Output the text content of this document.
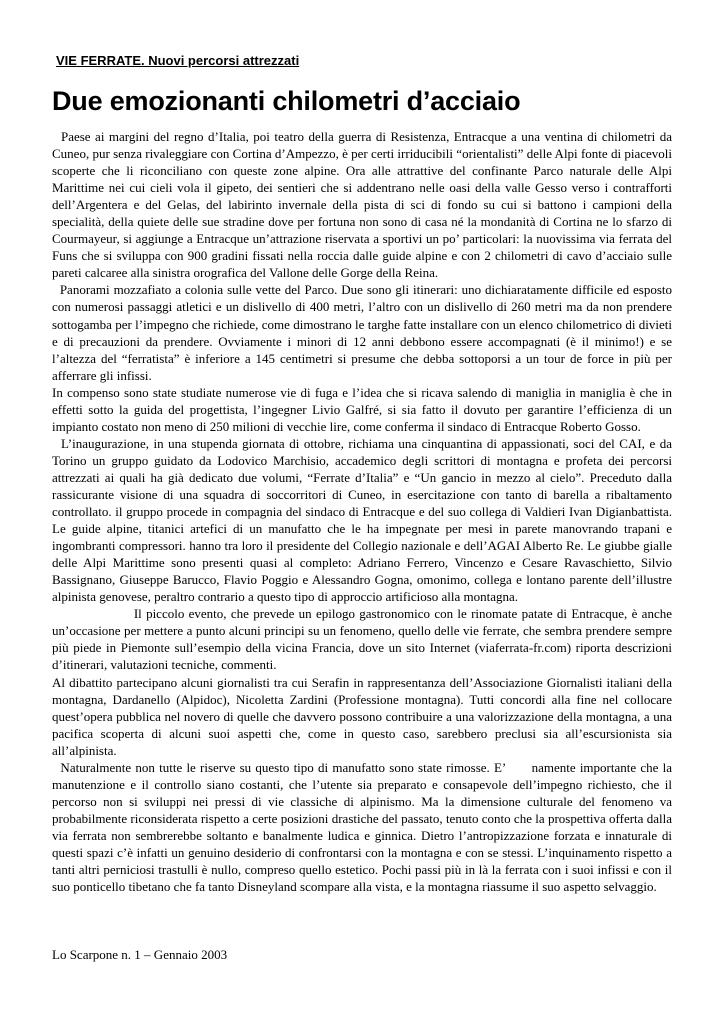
VIE FERRATE. Nuovi percorsi attrezzati
Due emozionanti chilometri d’acciaio

Paese ai margini del regno d’Italia, poi teatro della guerra di Resistenza, Entracque a una ventina di chilometri da Cuneo, pur senza rivaleggiare con Cortina d’Ampezzo, è per certi irriducibili “orientalisti” delle Alpi fonte di piacevoli scoperte che li riconciliano con queste zone alpine. Ora alle attrattive del confinante Parco naturale delle Alpi Marittime nei cui cieli vola il gipeto, dei sentieri che si addentrano nelle oasi della valle Gesso verso i contrafforti dell’Argentera e del Gelas, del labirinto invernale della pista di sci di fondo su cui si battono i campioni della specialità, della quiete delle sue stradine dove per fortuna non sono di casa né la mondanità di Cortina ne lo sfarzo di Courmayeur, si aggiunge a Entracque un’attrazione riservata a sportivi un po’ particolari: la nuovissima via ferrata del Funs che si sviluppa con 900 gradini fissati nella roccia dalle guide alpine e con 2 chilometri di cavo d’acciaio sulle pareti calcaree alla sinistra orografica del Vallone delle Gorge della Reina.

Panorami mozzafiato a colonia sulle vette del Parco. Due sono gli itinerari: uno dichiaratamente difficile ed esposto con numerosi passaggi atletici e un dislivello di 400 metri, l’altro con un dislivello di 260 metri ma da non prendere sottogamba per l’impegno che richiede, come dimostrano le targhe fatte installare con un elenco chilometrico di divieti e di precauzioni da prendere. Ovviamente i minori di 12 anni debbono essere accompagnati (è il minimo!) e se l’altezza del “ferratista” è inferiore a 145 centimetri si presume che debba sottoporsi a un tour de force in più per afferrare gli infissi.

In compenso sono state studiate numerose vie di fuga e l’idea che si ricava salendo di maniglia in maniglia è che in effetti sotto la guida del progettista, l’ingegner Livio Galfré, si sia fatto il dovuto per garantire l’efficienza di un impianto costato non meno di 250 milioni di vecchie lire, come conferma il sindaco di Entracque Roberto Gosso.

L’inaugurazione, in una stupenda giornata di ottobre, richiama una cinquantina di appassionati, soci del CAI, e da Torino un gruppo guidato da Lodovico Marchisio, accademico degli scrittori di montagna e profeta dei percorsi attrezzati ai quali ha già dedicato due volumi, “Ferrate d’Italia” e “Un gancio in mezzo al cielo”. Preceduto dalla rassicurante visione di una squadra di soccorritori di Cuneo, in esercitazione con tanto di barella a ribaltamento controllato. il gruppo procede in compagnia del sindaco di Entracque e del suo collega di Valdieri Ivan Digianbattista. Le guide alpine, titanici artefici di un manufatto che le ha impegnate per mesi in parete manovrando trapani e ingombranti compressori. hanno tra loro il presidente del Collegio nazionale e dell’AGAI Alberto Re. Le giubbe gialle delle Alpi Marittime sono presenti quasi al completo: Adriano Ferrero, Vincenzo e Cesare Ravaschietto, Silvio Bassignano, Giuseppe Barucco, Flavio Poggio e Alessandro Gogna, omonimo, collega e lontano parente dell’illustre alpinista genovese, peraltro contrario a questo tipo di approccio artificioso alla montagna.

Il piccolo evento, che prevede un epilogo gastronomico con le rinomate patate di Entracque, è anche un’occasione per mettere a punto alcuni principi su un fenomeno, quello delle vie ferrate, che sembra prendere sempre più piede in Piemonte sull’esempio della vicina Francia, dove un sito Internet (viaferrata-fr.com) riporta descrizioni d’itinerari, valutazioni tecniche, commenti.

Al dibattito partecipano alcuni giornalisti tra cui Serafin in rappresentanza dell’Associazione Giornalisti italiani della montagna, Dardanello (Alpidoc), Nicoletta Zardini (Professione montagna). Tutti concordi alla fine nel collocare quest’opera pubblica nel novero di quelle che davvero possono contribuire a una valorizzazione della montagna, a una pacifica scoperta di alcuni suoi aspetti che, come in questo caso, sarebbero preclusi sia all’escursionista sia all’alpinista.

Naturalmente non tutte le riserve su questo tipo di manufatto sono state rimosse. E’      namente importante che la manutenzione e il controllo siano costanti, che l’utente sia preparato e consapevole dell’impegno richiesto, che il percorso non si sviluppi nei pressi di vie classiche di alpinismo. Ma la dimensione culturale del fenomeno va probabilmente riconsiderata rispetto a certe posizioni drastiche del passato, tenuto conto che la prospettiva offerta dalla via ferrata non sembrerebbe soltanto e banalmente ludica e ginnica. Dietro l’antropizzazione forzata e innaturale di questi spazi c’è infatti un genuino desiderio di confrontarsi con la montagna e con se stessi. L’inquinamento rispetto a tanti altri perniciosi trastulli è nullo, compreso quello estetico. Pochi passi più in là la ferrata con i suoi infissi e con il suo ponticello tibetano che fa tanto Disneyland scompare alla vista, e la montagna riassume il suo aspetto selvaggio.

Lo Scarpone n. 1 – Gennaio 2003
